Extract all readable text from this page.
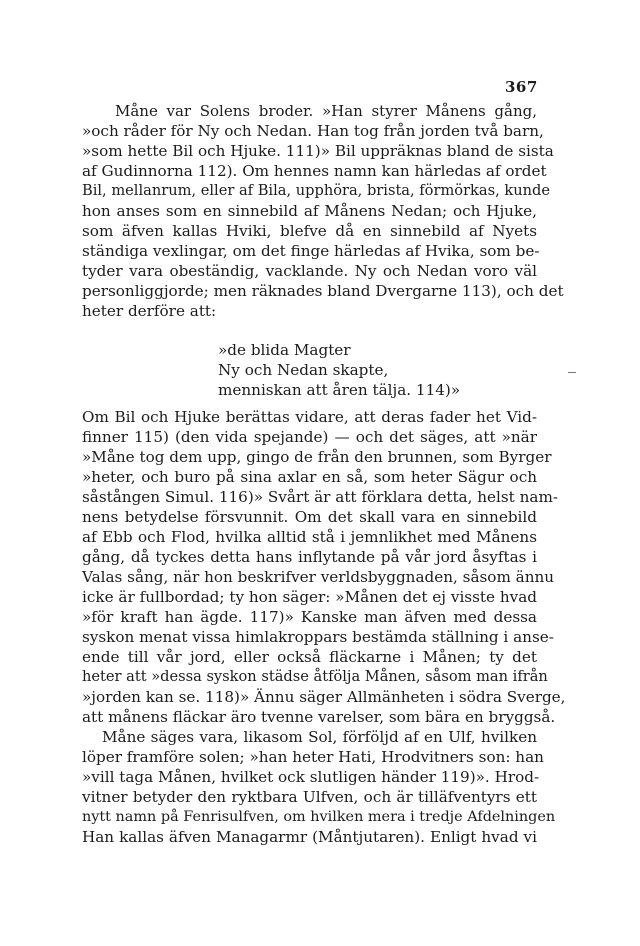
367
Måne var Solens broder. »Han styrer Månens gång,
»och råder för Ny och Nedan. Han tog från jorden två barn,
»som hette Bil och Hjuke. 111)» Bil uppräknas bland de sista
af Gudinnorna 112). Om hennes namn kan härledas af ordet
Bil, mellanrum, eller af Bila, upphöra, brista, förmörkas, kunde
hon anses som en sinnebild af Månens Nedan; och Hjuke,
som äfven kallas Hviki, blefve då en sinnebild af Nyets
ständiga vexlingar, om det finge härledas af Hvika, som be-
tyder vara obeständig, vacklande. Ny och Nedan voro väl
personliggjorde; men räknades bland Dvergarne 113), och det
heter derföre att:
»de blida Magter
Ny och Nedan skapte,
menniskan att åren tälja. 114)»
Om Bil och Hjuke berättas vidare, att deras fader het Vid-
finner 115) (den vida spejande) — och det säges, att »när
»Måne tog dem upp, gingo de från den brunnen, som Byrger
»heter, och buro på sina axlar en så, som heter Sägur och
såstången Simul. 116)» Svårt är att förklara detta, helst nam-
nens betydelse försvunnit. Om det skall vara en sinnebild
af Ebb och Flod, hvilka alltid stå i jemnlikhet med Månens
gång, då tyckes detta hans inflytande på vår jord åsyftas i
Valas sång, när hon beskrifver verldsbyggnaden, såsom ännu
icke är fullbordad; ty hon säger: »Månen det ej visste hvad
»för kraft han ägde. 117)» Kanske man äfven med dessa
syskon menat vissa himlakroppars bestämda ställning i anse-
ende till vår jord, eller också fläckarne i Månen; ty det
heter att »dessa syskon städse åtfölja Månen, såsom man ifrån
»jorden kan se. 118)» Ännu säger Allmänheten i södra Sverge,
att månens fläckar äro tvenne varelser, som bära en bryggså.
Måne säges vara, likasom Sol, förföljd af en Ulf, hvilken
löper framföre solen; »han heter Hati, Hrodvitners son: han
»vill taga Månen, hvilket ock slutligen händer 119)». Hrod-
vitner betyder den ryktbara Ulfven, och är tilläfventyrs ett
nytt namn på Fenrisulfven, om hvilken mera i tredje Afdelningen
Han kallas äfven Managarmr (Måntjutaren). Enligt hvad vi
